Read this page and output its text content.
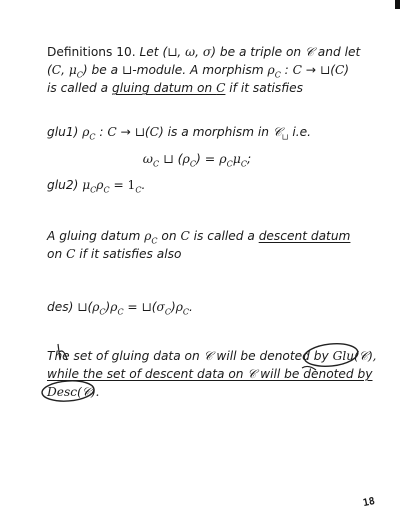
Definitions 10. Let (⊔, ω, σ) be a triple on 𝒞 and let
(C, $\mu_C$) be a ⊔-module. A morphism $\rho_C$ : C → ⊔(C)
is called a gluing datum on C if it satisfies
glu1) $\rho_C$ : C → ⊔(C) is a morphism in 𝒞$_⊔$ i.e.
$\omega_C$ ⊔ $(\rho_C) = \rho_C\mu_C$;
glu2) $\mu_C\rho_C = 1_C$.
A gluing datum $\rho_C$ on C is called a descent datum
on C if it satisfies also
des) $⊔(\rho_C)\rho_C$ = $⊔(\sigma_C)\rho_C$.
The set of gluing data on 𝒞 will be denoted by Glu(𝒞),
while the set of descent data on 𝒞 will be denoted by
Desc(𝒞).
18
